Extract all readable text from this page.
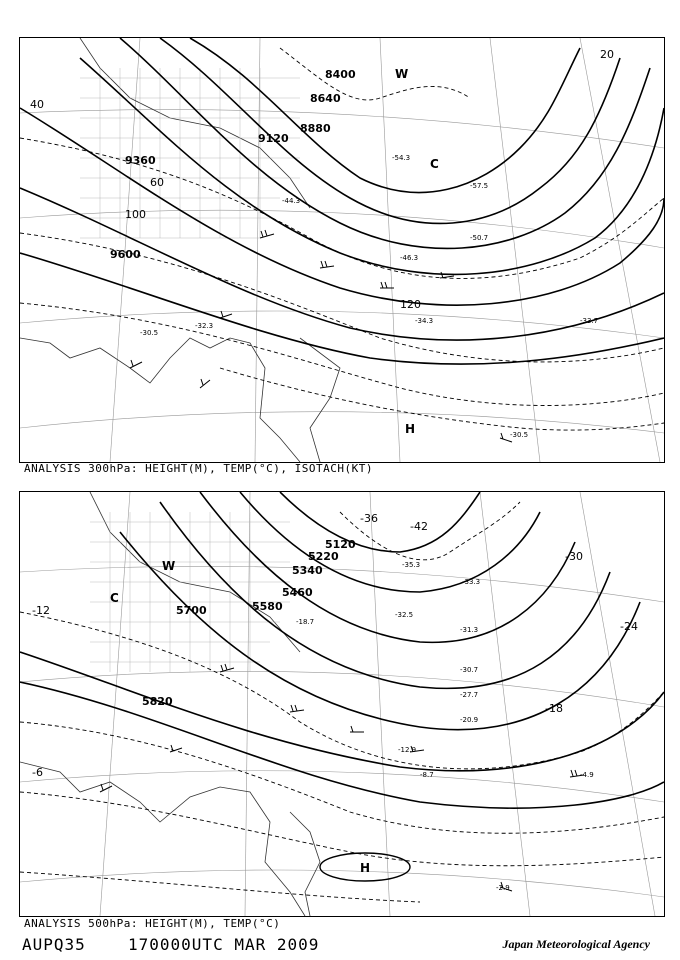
8400
8640
8880
9120
9360
9600
20
40
60
100
120
W
C
H
-54.3
-57.5
-50.7
-46.3
-44.3
-34.3	-33.7
-32.3
-30.5
-30.5
ANALYSIS 300hPa: HEIGHT(M), TEMP(°C), ISOTACH(KT)
5120
5220
5340
5460
5580
5700
5820
-12
-18
-24
-30
-36
-42
-6
W
C
H
-35.3
-33.3
-32.5
-31.3
-30.7
-27.7
-20.9
-18.7
-12.9
-8.7	-4.9
-2.9
ANALYSIS 500hPa: HEIGHT(M), TEMP(°C)
AUPQ35	170000UTC MAR 2009	Japan Meteorological Agency
